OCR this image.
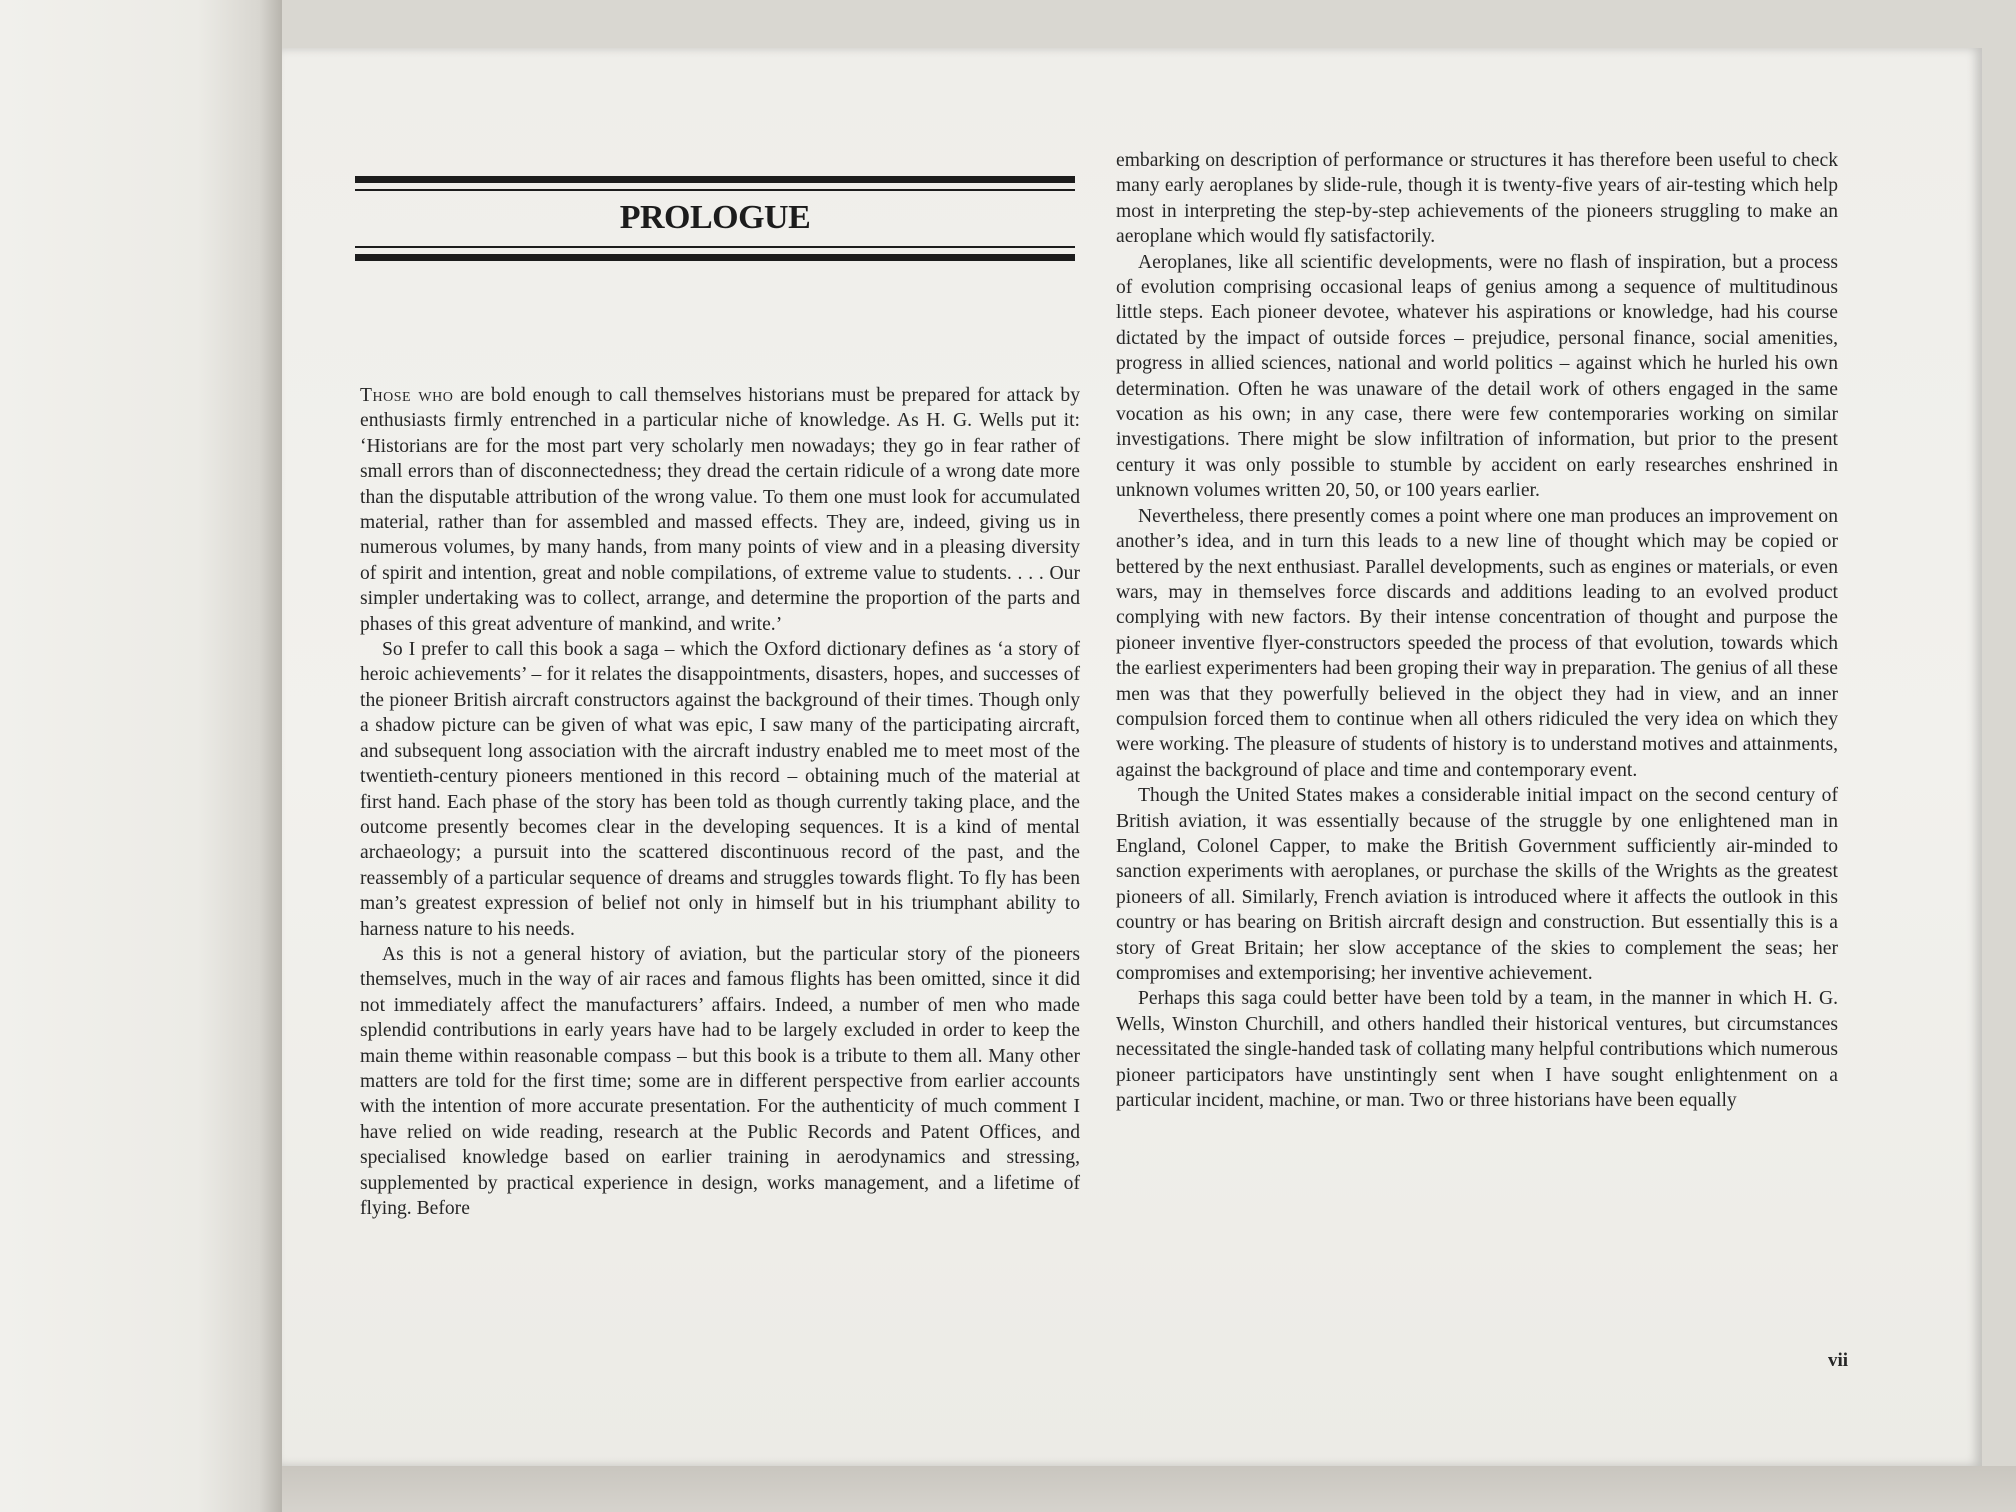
PROLOGUE

Those who are bold enough to call themselves historians must be prepared for attack by enthusiasts firmly entrenched in a particular niche of knowledge. As H. G. Wells put it: ‘Historians are for the most part very scholarly men nowadays; they go in fear rather of small errors than of disconnectedness; they dread the certain ridicule of a wrong date more than the disputable attribution of the wrong value. To them one must look for accumulated material, rather than for assembled and massed effects. They are, indeed, giving us in numerous volumes, by many hands, from many points of view and in a pleasing diversity of spirit and intention, great and noble compilations, of extreme value to students. . . . Our simpler undertaking was to collect, arrange, and determine the proportion of the parts and phases of this great adventure of mankind, and write.’

So I prefer to call this book a saga – which the Oxford dictionary defines as ‘a story of heroic achievements’ – for it relates the disappointments, disasters, hopes, and successes of the pioneer British aircraft constructors against the background of their times. Though only a shadow picture can be given of what was epic, I saw many of the participating aircraft, and subsequent long association with the aircraft industry enabled me to meet most of the twentieth-century pioneers mentioned in this record – obtaining much of the material at first hand. Each phase of the story has been told as though currently taking place, and the outcome presently becomes clear in the developing sequences. It is a kind of mental archaeology; a pursuit into the scattered discontinuous record of the past, and the reassembly of a particular sequence of dreams and struggles towards flight. To fly has been man’s greatest expression of belief not only in himself but in his triumphant ability to harness nature to his needs.

As this is not a general history of aviation, but the particular story of the pioneers themselves, much in the way of air races and famous flights has been omitted, since it did not immediately affect the manufacturers’ affairs. Indeed, a number of men who made splendid contributions in early years have had to be largely excluded in order to keep the main theme within reasonable compass – but this book is a tribute to them all. Many other matters are told for the first time; some are in different perspective from earlier accounts with the intention of more accurate presentation. For the authenticity of much comment I have relied on wide reading, research at the Public Records and Patent Offices, and specialised knowledge based on earlier training in aerodynamics and stressing, supplemented by practical experience in design, works management, and a lifetime of flying. Before

embarking on description of performance or structures it has therefore been useful to check many early aeroplanes by slide-rule, though it is twenty-five years of air-testing which help most in interpreting the step-by-step achievements of the pioneers struggling to make an aeroplane which would fly satisfactorily.

Aeroplanes, like all scientific developments, were no flash of inspiration, but a process of evolution comprising occasional leaps of genius among a sequence of multitudinous little steps. Each pioneer devotee, whatever his aspirations or knowledge, had his course dictated by the impact of outside forces – prejudice, personal finance, social amenities, progress in allied sciences, national and world politics – against which he hurled his own determination. Often he was unaware of the detail work of others engaged in the same vocation as his own; in any case, there were few contemporaries working on similar investigations. There might be slow infiltration of information, but prior to the present century it was only possible to stumble by accident on early researches enshrined in unknown volumes written 20, 50, or 100 years earlier.

Nevertheless, there presently comes a point where one man produces an improvement on another’s idea, and in turn this leads to a new line of thought which may be copied or bettered by the next enthusiast. Parallel developments, such as engines or materials, or even wars, may in themselves force discards and additions leading to an evolved product complying with new factors. By their intense concentration of thought and purpose the pioneer inventive flyer-constructors speeded the process of that evolution, towards which the earliest experimenters had been groping their way in preparation. The genius of all these men was that they powerfully believed in the object they had in view, and an inner compulsion forced them to continue when all others ridiculed the very idea on which they were working. The pleasure of students of history is to understand motives and attainments, against the background of place and time and contemporary event.

Though the United States makes a considerable initial impact on the second century of British aviation, it was essentially because of the struggle by one enlightened man in England, Colonel Capper, to make the British Government sufficiently air-minded to sanction experiments with aeroplanes, or purchase the skills of the Wrights as the greatest pioneers of all. Similarly, French aviation is introduced where it affects the outlook in this country or has bearing on British aircraft design and construction. But essentially this is a story of Great Britain; her slow acceptance of the skies to complement the seas; her compromises and extemporising; her inventive achievement.

Perhaps this saga could better have been told by a team, in the manner in which H. G. Wells, Winston Churchill, and others handled their historical ventures, but circumstances necessitated the single-handed task of collating many helpful contributions which numerous pioneer participators have unstintingly sent when I have sought enlightenment on a particular incident, machine, or man. Two or three historians have been equally

vii
